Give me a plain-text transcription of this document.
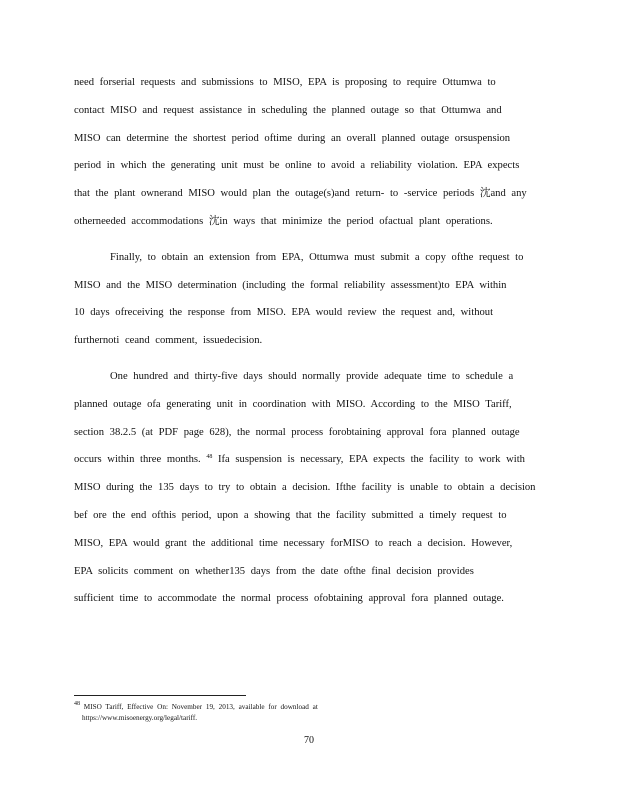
need forserial requests and submissions to MISO, EPA is proposing to require Ottumwa to
contact MISO and request assistance in scheduling the planned outage so that Ottumwa and
MISO can determine the shortest period oftime during an overall planned outage orsuspension
period in which the generating unit must be online to avoid a reliability violation. EPA expects
that the plant ownerand MISO would plan the outage(s)and return- to -service periods 沈and any
otherneeded accommodations 沈in ways that minimize the period ofactual plant operations.

Finally, to obtain an extension from EPA, Ottumwa must submit a copy ofthe request to
MISO and the MISO determination (including the formal reliability assessment)to EPA within
10 days ofreceiving the response from MISO. EPA would review the request and, without
furthernoti ceand comment, issuedecision.

One hundred and thirty-five days should normally provide adequate time to schedule a
planned outage ofa generating unit in coordination with MISO. According to the MISO Tariff,
section 38.2.5 (at PDF page 628), the normal process forobtaining approval fora planned outage
occurs within three months. $^{48}$ Ifa suspension is necessary, EPA expects the facility to work with
MISO during the 135 days to try to obtain a decision. Ifthe facility is unable to obtain a decision
bef ore the end ofthis period, upon a showing that the facility submitted a timely request to
MISO, EPA would grant the additional time necessary forMISO to reach a decision. However,
EPA solicits comment on whether135 days from the date ofthe final decision provides
sufficient time to accommodate the normal process ofobtaining approval fora planned outage.

$^{48}$ MISO Tariff, Effective On: November 19, 2013, available for download at
https://www.misoenergy.org/legal/tariff.
70
